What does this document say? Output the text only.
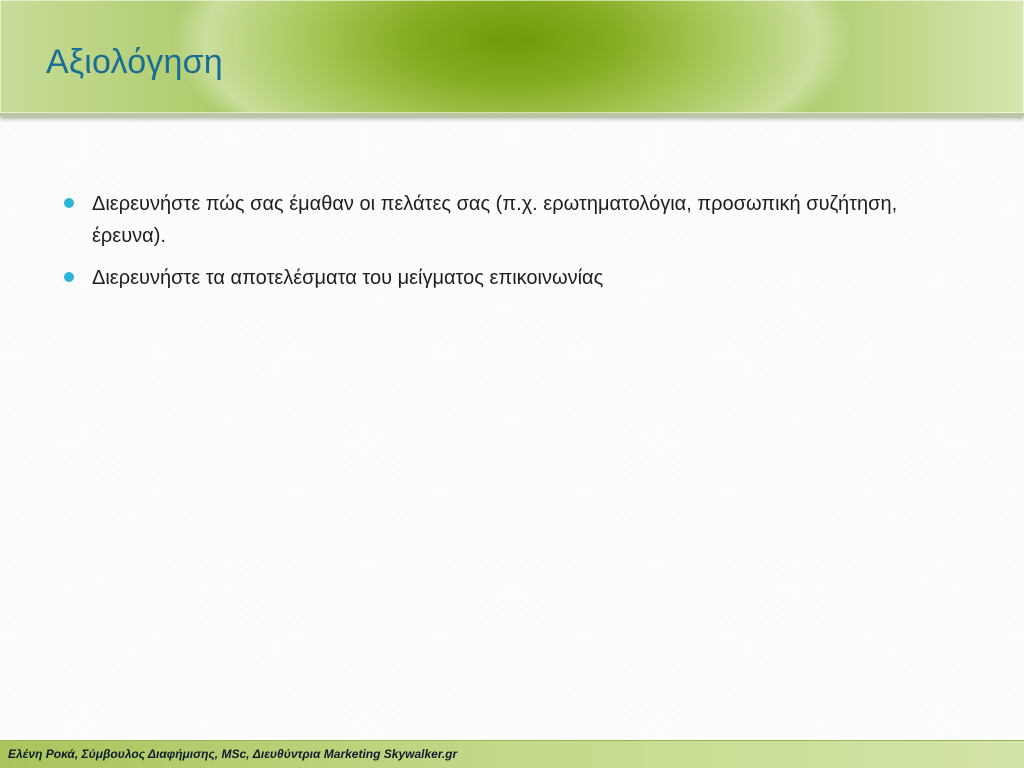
Αξιολόγηση
Διερευνήστε πώς σας έμαθαν οι πελάτες σας (π.χ. ερωτηματολόγια, προσωπική συζήτηση, έρευνα).
Διερευνήστε τα αποτελέσματα του μείγματος επικοινωνίας
Ελένη Ροκά, Σύμβουλος Διαφήμισης, MSc, Διευθύντρια Marketing Skywalker.gr
